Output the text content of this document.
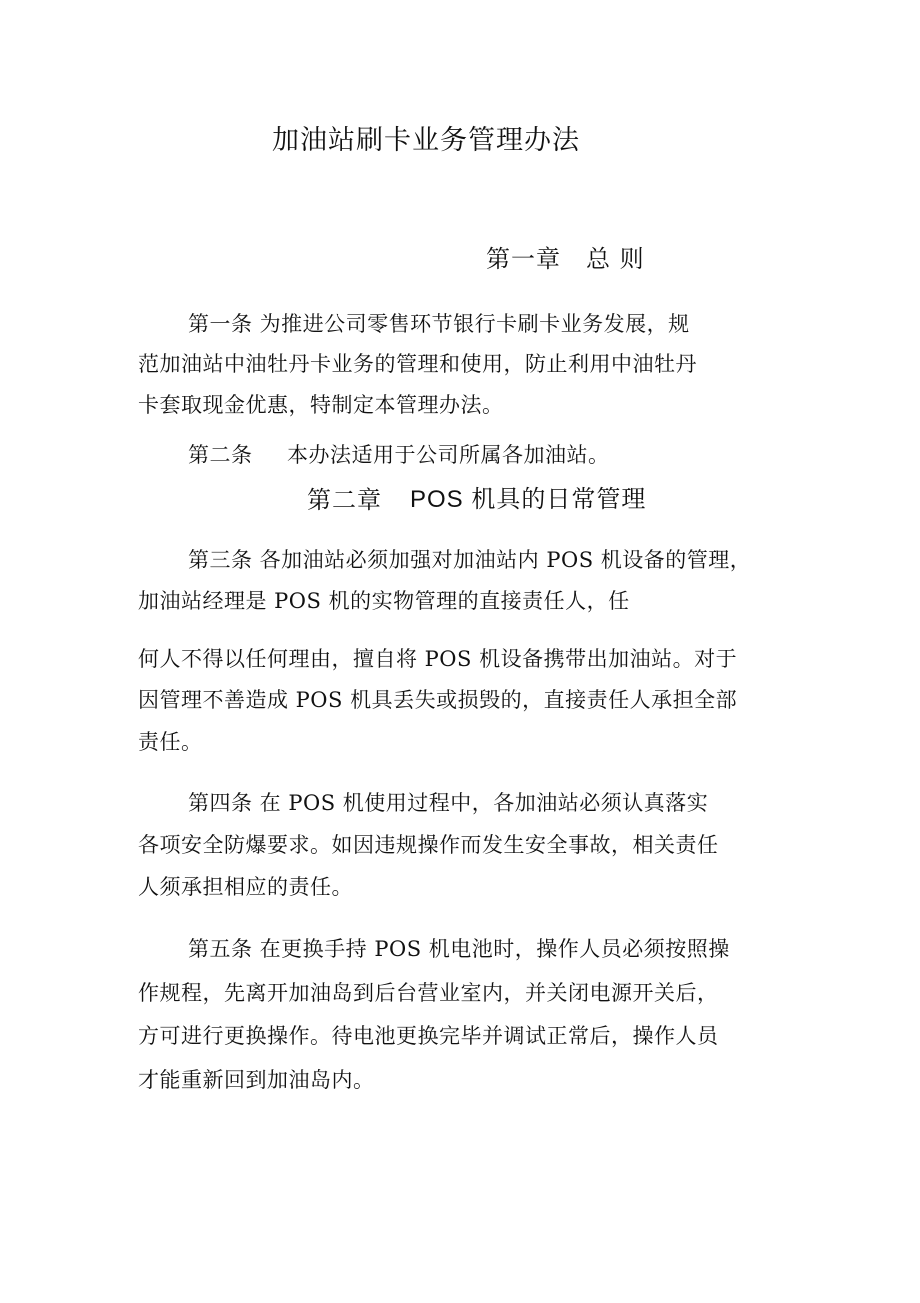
加油站刷卡业务管理办法
第一章 总 则
第一条 为推进公司零售环节银行卡刷卡业务发展，规
范加油站中油牡丹卡业务的管理和使用，防止利用中油牡丹
卡套取现金优惠，特制定本管理办法。
第二条 本办法适用于公司所属各加油站。
第二章 POS 机具的日常管理
第三条 各加油站必须加强对加油站内 POS 机设备的管理，
加油站经理是 POS 机的实物管理的直接责任人，任
何人不得以任何理由，擅自将 POS 机设备携带出加油站。对于
因管理不善造成 POS 机具丢失或损毁的，直接责任人承担全部
责任。
第四条 在 POS 机使用过程中，各加油站必须认真落实
各项安全防爆要求。如因违规操作而发生安全事故，相关责任
人须承担相应的责任。
第五条 在更换手持 POS 机电池时，操作人员必须按照操
作规程，先离开加油岛到后台营业室内，并关闭电源开关后，
方可进行更换操作。待电池更换完毕并调试正常后，操作人员
才能重新回到加油岛内。
